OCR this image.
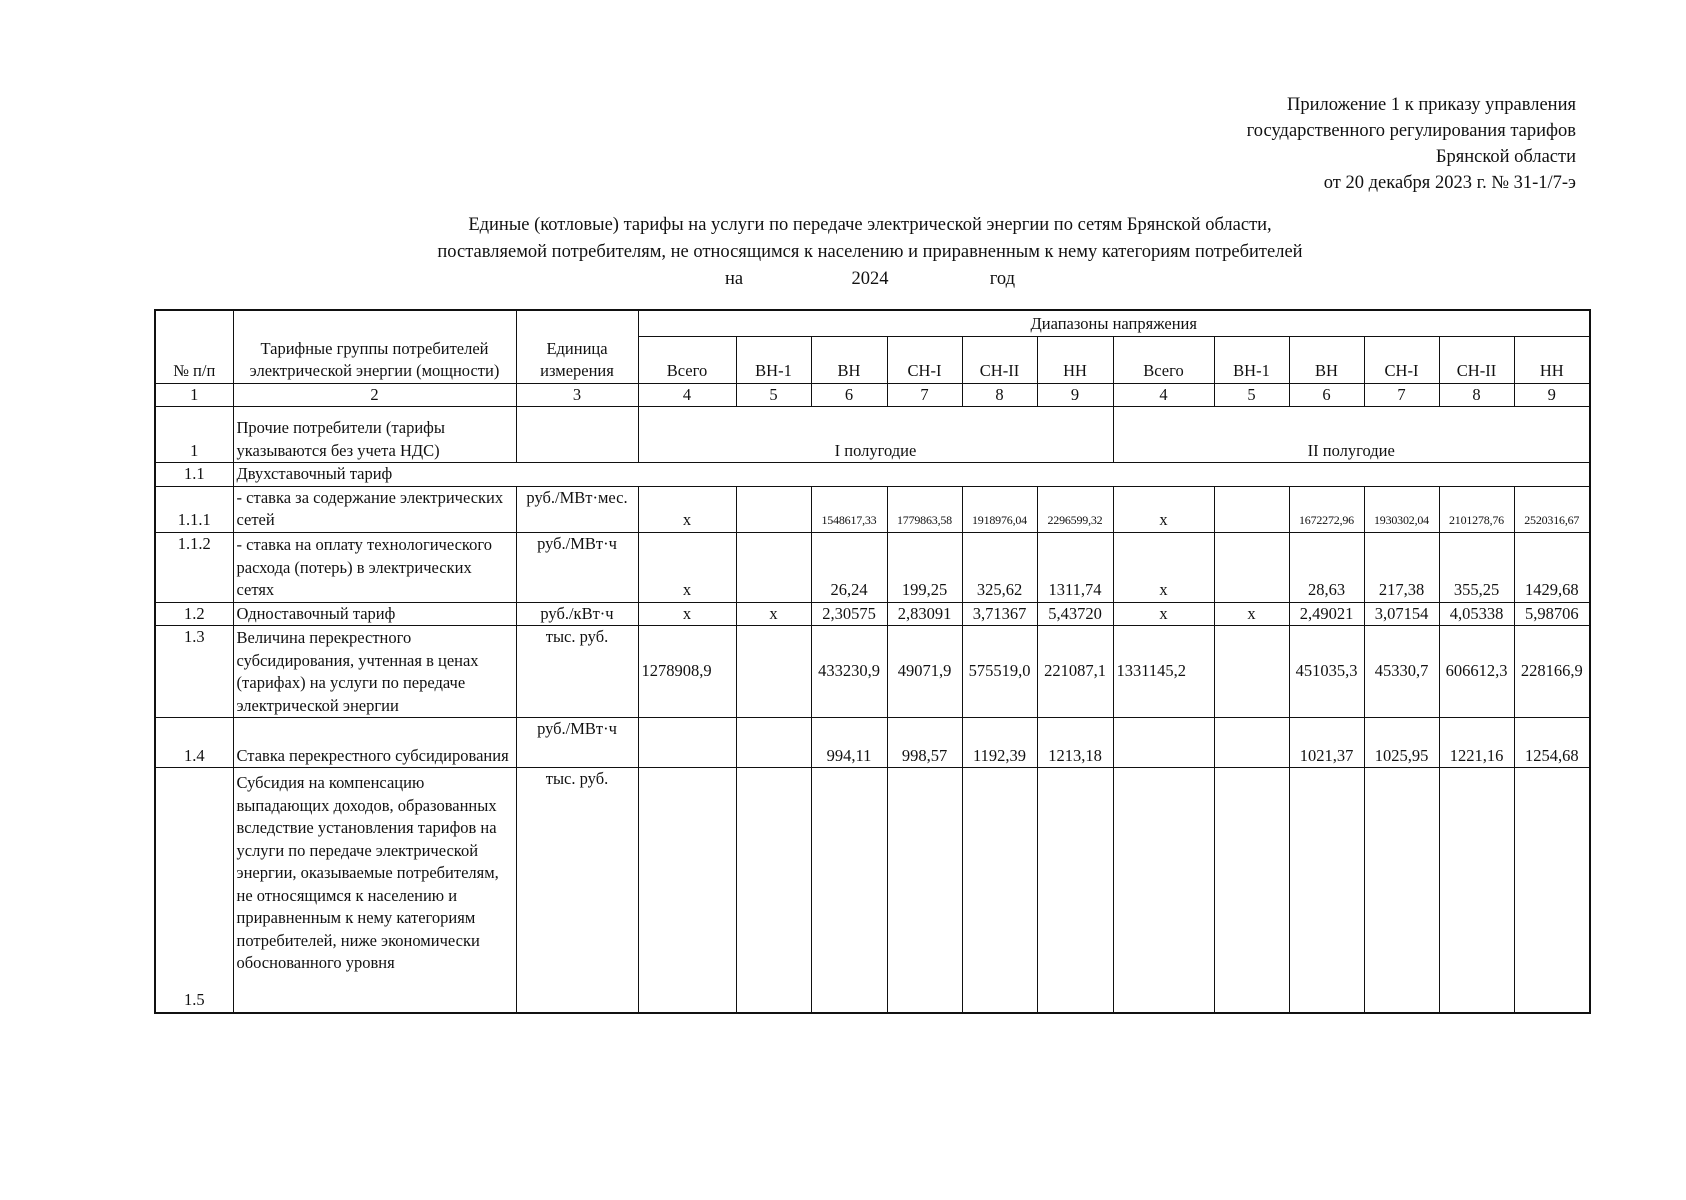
Приложение 1 к приказу управления
государственного регулирования тарифов
Брянской области
от 20 декабря 2023 г. № 31-1/7-э
Единые (котловые) тарифы на услуги по передаче электрической энергии по сетям Брянской области,
поставляемой потребителям, не относящимся к населению и приравненным к нему категориям потребителей
на	2024	год
№ п/п	Тарифные группы потребителей электрической энергии (мощности)	Единица измерения	Диапазоны напряжения											
			Всего	ВН-1	ВН	СН-I	СН-II	НН	Всего	ВН-1	ВН	СН-I	СН-II	НН
1	2	3	4	5	6	7	8	9	4	5	6	7	8	9
1	Прочие потребители (тарифы указываются без учета НДС)		I полугодие						II полугодие					
1.1	Двухставочный тариф													
1.1.1	- ставка за содержание электрических сетей	руб./МВт·мес.	x		1548617,33	1779863,58	1918976,04	2296599,32	x		1672272,96	1930302,04	2101278,76	2520316,67
1.1.2	- ставка на оплату технологического расхода (потерь) в электрических сетях	руб./МВт·ч	x		26,24	199,25	325,62	1311,74	x		28,63	217,38	355,25	1429,68
1.2	Одноставочный тариф	руб./кВт·ч	x	x	2,30575	2,83091	3,71367	5,43720	x	x	2,49021	3,07154	4,05338	5,98706
1.3	Величина перекрестного субсидирования, учтенная в ценах (тарифах) на услуги по передаче электрической энергии	тыс. руб.	1278908,9		433230,9	49071,9	575519,0	221087,1	1331145,2		451035,3	45330,7	606612,3	228166,9
1.4	Ставка перекрестного субсидирования	руб./МВт·ч			994,11	998,57	1192,39	1213,18			1021,37	1025,95	1221,16	1254,68
1.5	Субсидия на компенсацию выпадающих доходов, образованных вследствие установления тарифов на услуги по передаче электрической энергии, оказываемые потребителям, не относящимся к населению и приравненным к нему категориям потребителей, ниже экономически обоснованного уровня	тыс. руб.												
